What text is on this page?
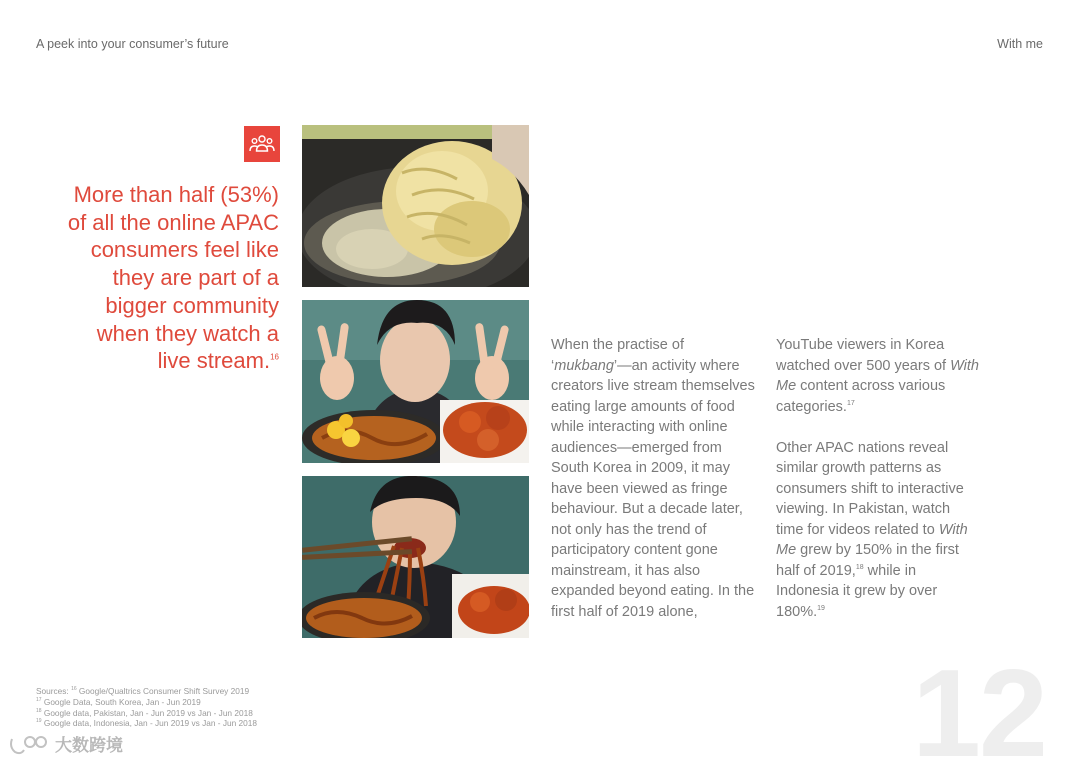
A peek into your consumer’s future	With me
More than half (53%) of all the online APAC consumers feel like they are part of a bigger community when they watch a live stream.$^{16}$

When the practise of ‘mukbang’—an activity where creators live stream themselves eating large amounts of food while interacting with online audiences—emerged from South Korea in 2009, it may have been viewed as fringe behaviour. But a decade later, not only has the trend of participatory content gone mainstream, it has also expanded beyond eating. In the first half of 2019 alone,

YouTube viewers in Korea watched over 500 years of With Me content across various categories.$^{17}$

Other APAC nations reveal similar growth patterns as consumers shift to interactive viewing. In Pakistan, watch time for videos related to With Me grew by 150% in the first half of 2019,18 while in Indonesia it grew by over 180%.$^{19}$

Sources: $^{16}$ Google/Qualtrics Consumer Shift Survey 2019
$^{17}$ Google Data, South Korea, Jan - Jun 2019
$^{18}$ Google data, Pakistan, Jan - Jun 2019 vs Jan - Jun 2018
$^{19}$ Google data, Indonesia, Jan - Jun 2019 vs Jan - Jun 2018	12
大数跨境
